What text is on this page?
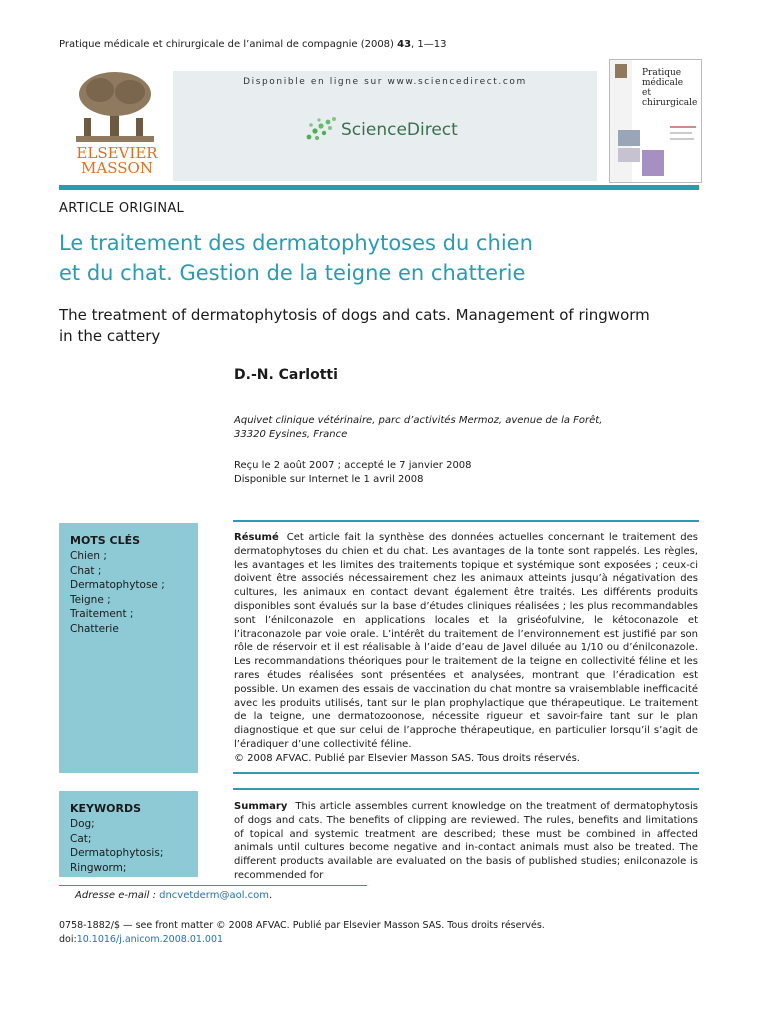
Pratique médicale et chirurgicale de l’animal de compagnie (2008) 43, 1—13
ELSEVIER
MASSON
Disponible en ligne sur www.sciencedirect.com
ScienceDirect
Pratique
médicale
et chirurgicale
ARTICLE ORIGINAL
Le traitement des dermatophytoses du chien
et du chat. Gestion de la teigne en chatterie
The treatment of dermatophytosis of dogs and cats. Management of ringworm
in the cattery
D.-N. Carlotti
Aquivet clinique vétérinaire, parc d’activités Mermoz, avenue de la Forêt,
33320 Eysines, France
Reçu le 2 août 2007 ; accepté le 7 janvier 2008
Disponible sur Internet le 1 avril 2008
MOTS CLÉS
Chien ;
Chat ;
Dermatophytose ;
Teigne ;
Traitement ;
Chatterie
KEYWORDS
Dog;
Cat;
Dermatophytosis;
Ringworm;
Résumé Cet article fait la synthèse des données actuelles concernant le traitement des dermatophytoses du chien et du chat. Les avantages de la tonte sont rappelés. Les règles, les avantages et les limites des traitements topique et systémique sont exposées ; ceux-ci doivent être associés nécessairement chez les animaux atteints jusqu’à négativation des cultures, les animaux en contact devant également être traités. Les différents produits disponibles sont évalués sur la base d’études cliniques réalisées ; les plus recommandables sont l’énilconazole en applications locales et la griséofulvine, le kétoconazole et l’itraconazole par voie orale. L’intérêt du traitement de l’environnement est justifié par son rôle de réservoir et il est réalisable à l’aide d’eau de Javel diluée au 1/10 ou d’énilconazole. Les recommandations théoriques pour le traitement de la teigne en collectivité féline et les rares études réalisées sont présentées et analysées, montrant que l’éradication est possible. Un examen des essais de vaccination du chat montre sa vraisemblable inefficacité avec les produits utilisés, tant sur le plan prophylactique que thérapeutique. Le traitement de la teigne, une dermatozoonose, nécessite rigueur et savoir-faire tant sur le plan diagnostique et que sur celui de l’approche thérapeutique, en particulier lorsqu’il s’agit de l’éradiquer d’une collectivité féline.
© 2008 AFVAC. Publié par Elsevier Masson SAS. Tous droits réservés.
Summary This article assembles current knowledge on the treatment of dermatophytosis of dogs and cats. The benefits of clipping are reviewed. The rules, benefits and limitations of topical and systemic treatment are described; these must be combined in affected animals until cultures become negative and in-contact animals must also be treated. The different products available are evaluated on the basis of published studies; enilconazole is recommended for
Adresse e-mail : dncvetderm@aol.com.
0758-1882/$ — see front matter © 2008 AFVAC. Publié par Elsevier Masson SAS. Tous droits réservés.
doi:10.1016/j.anicom.2008.01.001
